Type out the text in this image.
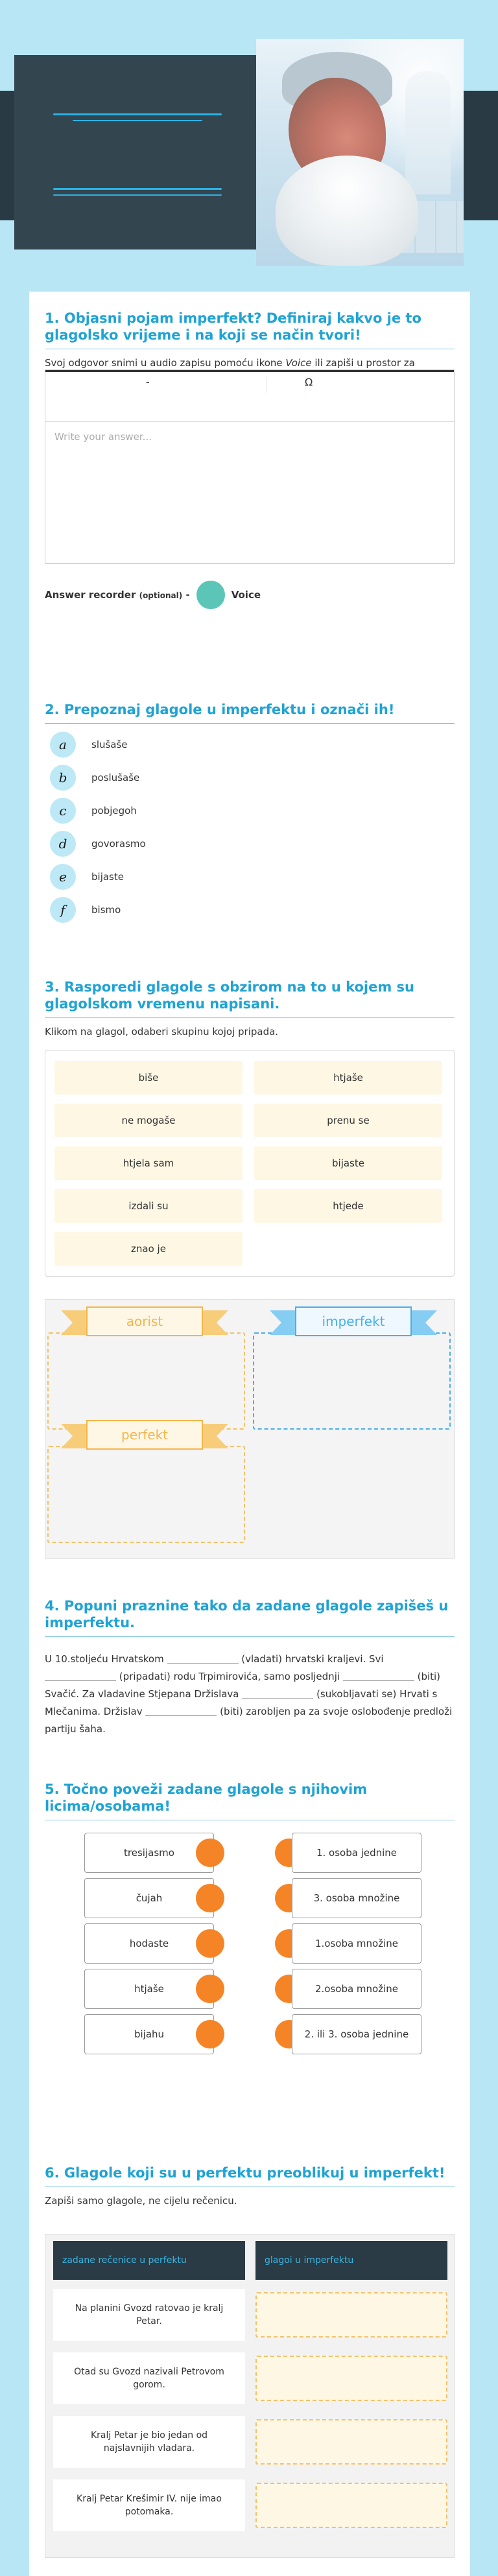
1. Objasni pojam imperfekt? Definiraj kakvo je to glagolsko vrijeme i na koji se način tvori!
Svoj odgovor snimi u audio zapisu pomoću ikone Voice ili zapiši u prostor za
-	Ω
Write your answer...
Answer recorder (optional) -	Voice
2. Prepoznaj glagole u imperfektu i označi ih!
a	slušaše
b	poslušaše
c	pobjegoh
d	govorasmo
e	bijaste
f	bismo
3. Rasporedi glagole s obzirom na to u kojem su glagolskom vremenu napisani.
Klikom na glagol, odaberi skupinu kojoj pripada.
biše	htjaše
ne mogaše	prenu se
htjela sam	bijaste
izdali su	htjede
znao je
aorist	imperfekt
perfekt
4. Popuni praznine tako da zadane glagole zapišeš u imperfektu.
U 10.stoljeću Hrvatskom	(vladati) hrvatski kraljevi. Svi  (pripadati) rodu Trpimirovića, samo posljednji	(biti) Svačić. Za vladavine Stjepana Držislava	(sukobljavati se) Hrvati s Mlečanima. Držislav	(biti) zarobljen pa za svoje oslobođenje predloži partiju šaha.
5. Točno poveži zadane glagole s njihovim licima/osobama!
tresijasmo	1. osoba jednine
čujah	3. osoba množine
hodaste	1.osoba množine
htjaše	2.osoba množine
bijahu	2. ili 3. osoba jednine
6. Glagole koji su u perfektu preoblikuj u imperfekt!
Zapiši samo glagole, ne cijelu rečenicu.
zadane rečenice u perfektu	glagoi u imperfektu
Na planini Gvozd ratovao je kralj Petar.
Otad su Gvozd nazivali Petrovom gorom.
Kralj Petar je bio jedan od najslavnijih vladara.
Kralj Petar Krešimir IV. nije imao potomaka.
